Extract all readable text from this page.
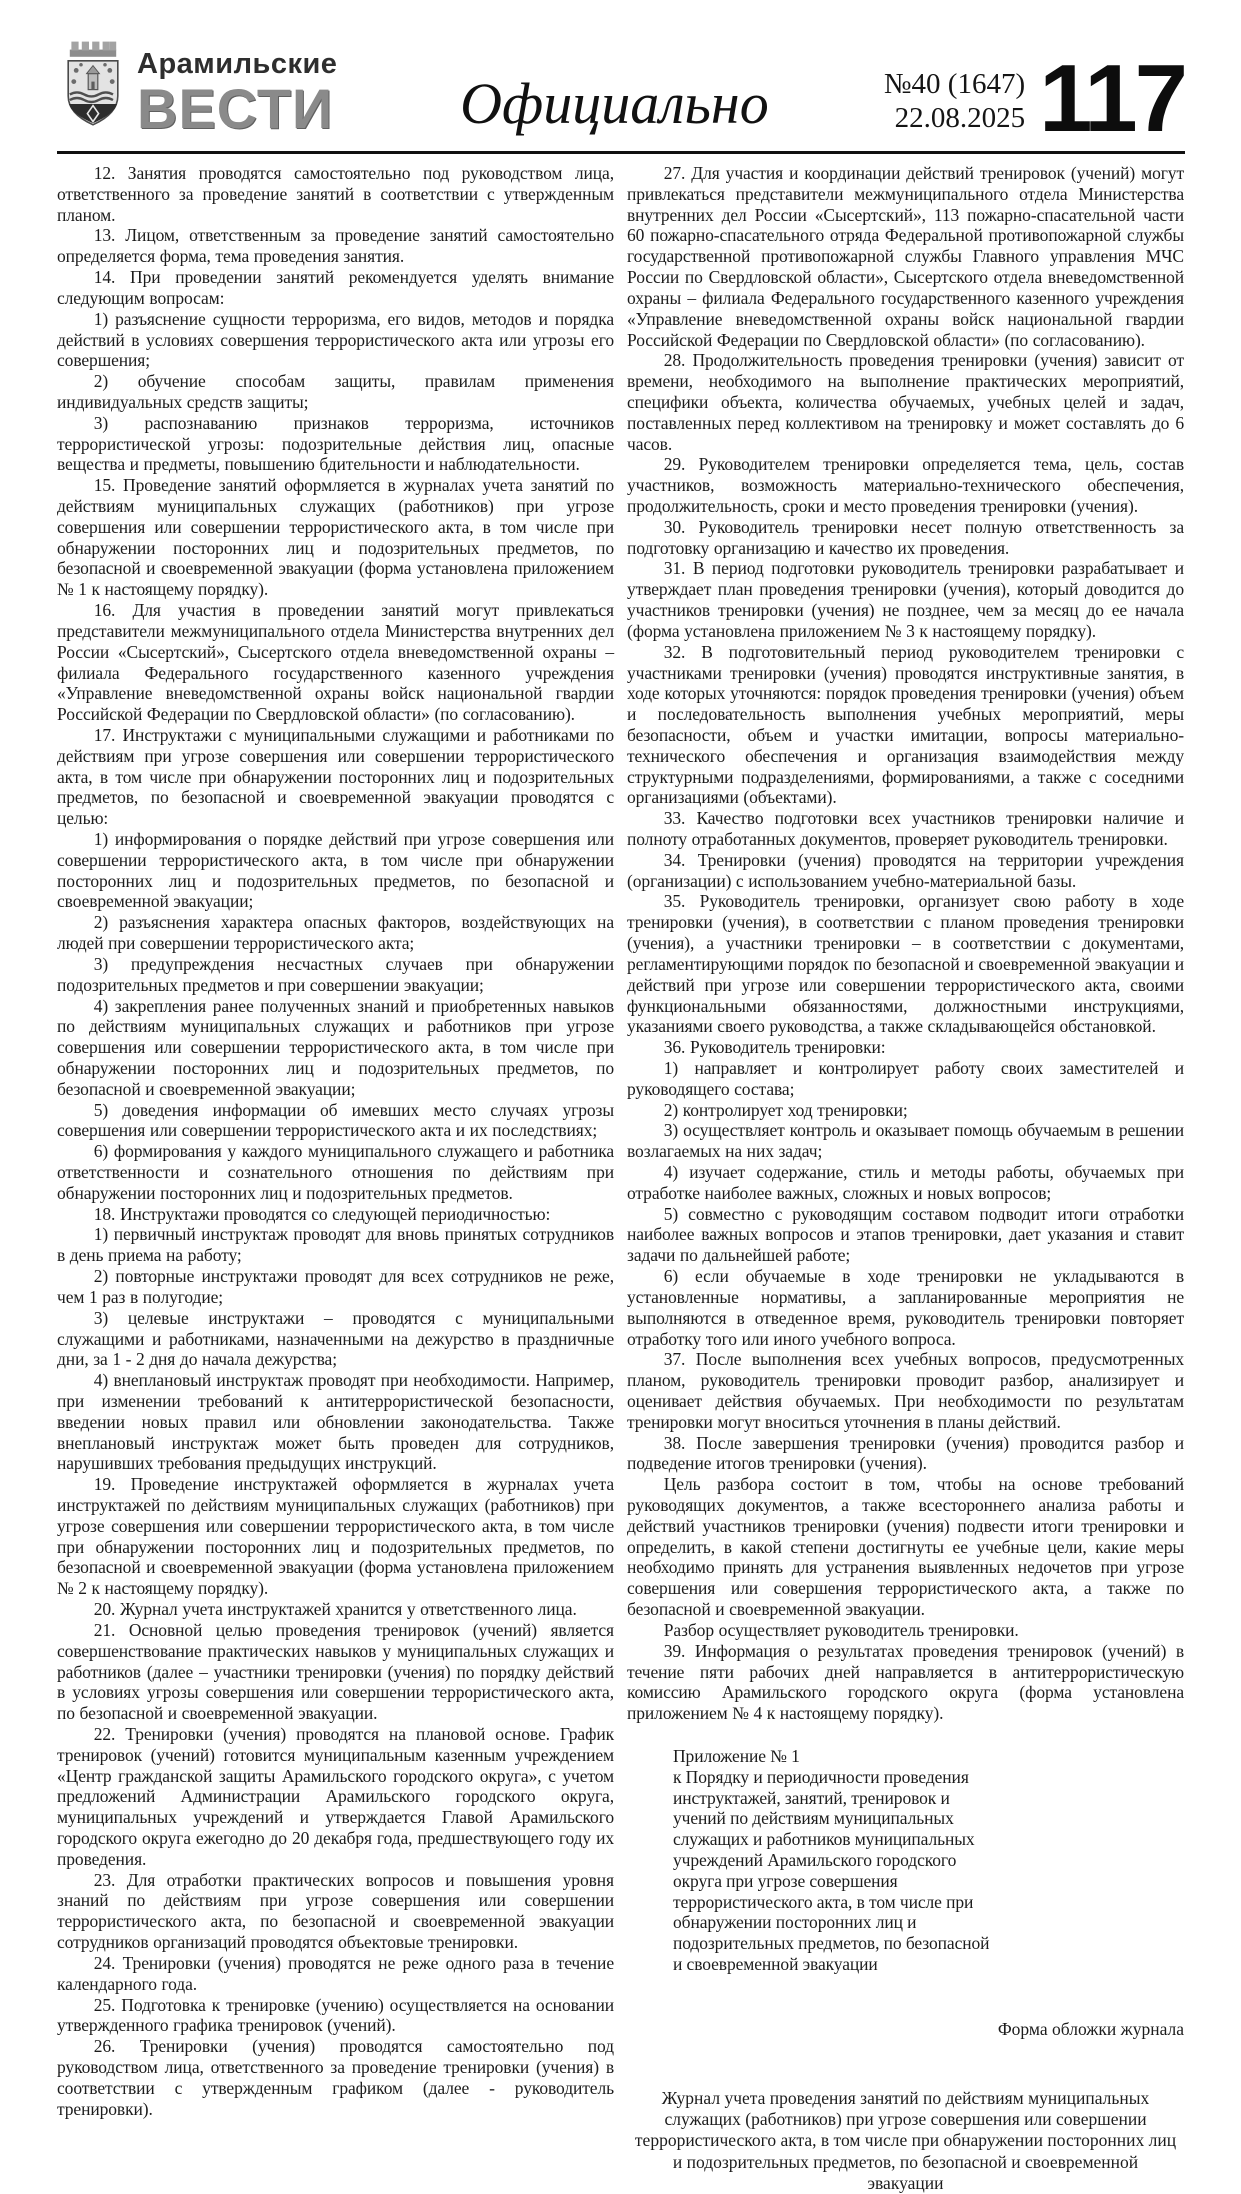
Арамильские
ВЕСТИ	Официально	№40 (1647)
22.08.2025 117

12. Занятия проводятся самостоятельно под руководством лица, ответственного за проведение занятий в соответствии с утвержденным планом.

13. Лицом, ответственным за проведение занятий самостоятельно определяется форма, тема проведения занятия.

14. При проведении занятий рекомендуется уделять внимание следующим вопросам:

1) разъяснение сущности терроризма, его видов, методов и порядка действий в условиях совершения террористического акта или угрозы его совершения;

2) обучение способам защиты, правилам применения индивидуальных средств защиты;

3) распознаванию признаков терроризма, источников террористической угрозы: подозрительные действия лиц, опасные вещества и предметы, повышению бдительности и наблюдательности.

15. Проведение занятий оформляется в журналах учета занятий по действиям муниципальных служащих (работников) при угрозе совершения или совершении террористического акта, в том числе при обнаружении посторонних лиц и подозрительных предметов, по безопасной и своевременной эвакуации (форма установлена приложением № 1 к настоящему порядку).

16. Для участия в проведении занятий могут привлекаться представители межмуниципального отдела Министерства внутренних дел России «Сысертский», Сысертского отдела вневедомственной охраны – филиала Федерального государственного казенного учреждения «Управление вневедомственной охраны войск национальной гвардии Российской Федерации по Свердловской области» (по согласованию).

17. Инструктажи с муниципальными служащими и работниками по действиям при угрозе совершения или совершении террористического акта, в том числе при обнаружении посторонних лиц и подозрительных предметов, по безопасной и своевременной эвакуации проводятся с целью:

1) информирования о порядке действий при угрозе совершения или совершении террористического акта, в том числе при обнаружении посторонних лиц и подозрительных предметов, по безопасной и своевременной эвакуации;

2) разъяснения характера опасных факторов, воздействующих на людей при совершении террористического акта;

3) предупреждения несчастных случаев при обнаружении подозрительных предметов и при совершении эвакуации;

4) закрепления ранее полученных знаний и приобретенных навыков по действиям муниципальных служащих и работников при угрозе совершения или совершении террористического акта, в том числе при обнаружении посторонних лиц и подозрительных предметов, по безопасной и своевременной эвакуации;

5) доведения информации об имевших место случаях угрозы совершения или совершении террористического акта и их последствиях;

6) формирования у каждого муниципального служащего и работника ответственности и сознательного отношения по действиям при обнаружении посторонних лиц и подозрительных предметов.

18. Инструктажи проводятся со следующей периодичностью:

1) первичный инструктаж проводят для вновь принятых сотрудников в день приема на работу;

2) повторные инструктажи проводят для всех сотрудников не реже, чем 1 раз в полугодие;

3) целевые инструктажи – проводятся с муниципальными служащими и работниками, назначенными на дежурство в праздничные дни, за 1 - 2 дня до начала дежурства;

4) внеплановый инструктаж проводят при необходимости. Например, при изменении требований к антитеррористической безопасности, введении новых правил или обновлении законодательства. Также внеплановый инструктаж может быть проведен для сотрудников, нарушивших требования предыдущих инструкций.

19. Проведение инструктажей оформляется в журналах учета инструктажей по действиям муниципальных служащих (работников) при угрозе совершения или совершении террористического акта, в том числе при обнаружении посторонних лиц и подозрительных предметов, по безопасной и своевременной эвакуации (форма установлена приложением № 2 к настоящему порядку).

20. Журнал учета инструктажей хранится у ответственного лица.

21. Основной целью проведения тренировок (учений) является совершенствование практических навыков у муниципальных служащих и работников (далее – участники тренировки (учения) по порядку действий в условиях угрозы совершения или совершении террористического акта, по безопасной и своевременной эвакуации.

22. Тренировки (учения) проводятся на плановой основе. График тренировок (учений) готовится муниципальным казенным учреждением «Центр гражданской защиты Арамильского городского округа», с учетом предложений Администрации Арамильского городского округа, муниципальных учреждений и утверждается Главой Арамильского городского округа ежегодно до 20 декабря года, предшествующего году их проведения.

23. Для отработки практических вопросов и повышения уровня знаний по действиям при угрозе совершения или совершении террористического акта, по безопасной и своевременной эвакуации сотрудников организаций проводятся объектовые тренировки.

24. Тренировки (учения) проводятся не реже одного раза в течение календарного года.

25. Подготовка к тренировке (учению) осуществляется на основании утвержденного графика тренировок (учений).

26. Тренировки (учения) проводятся самостоятельно под руководством лица, ответственного за проведение тренировки (учения) в соответствии с утвержденным графиком (далее - руководитель тренировки).

27. Для участия и координации действий тренировок (учений) могут привлекаться представители межмуниципального отдела Министерства внутренних дел России «Сысертский», 113 пожарно-спасательной части 60 пожарно-спасательного отряда Федеральной противопожарной службы государственной противопожарной службы Главного управления МЧС России по Свердловской области», Сысертского отдела вневедомственной охраны – филиала Федерального государственного казенного учреждения «Управление вневедомственной охраны войск национальной гвардии Российской Федерации по Свердловской области» (по согласованию).

28. Продолжительность проведения тренировки (учения) зависит от времени, необходимого на выполнение практических мероприятий, специфики объекта, количества обучаемых, учебных целей и задач, поставленных перед коллективом на тренировку и может составлять до 6 часов.

29. Руководителем тренировки определяется тема, цель, состав участников, возможность материально-технического обеспечения, продолжительность, сроки и место проведения тренировки (учения).

30. Руководитель тренировки несет полную ответственность за подготовку организацию и качество их проведения.

31. В период подготовки руководитель тренировки разрабатывает и утверждает план проведения тренировки (учения), который доводится до участников тренировки (учения) не позднее, чем за месяц до ее начала (форма установлена приложением № 3 к настоящему порядку).

32. В подготовительный период руководителем тренировки с участниками тренировки (учения) проводятся инструктивные занятия, в ходе которых уточняются: порядок проведения тренировки (учения) объем и последовательность выполнения учебных мероприятий, меры безопасности, объем и участки имитации, вопросы материально-технического обеспечения и организация взаимодействия между структурными подразделениями, формированиями, а также с соседними организациями (объектами).

33. Качество подготовки всех участников тренировки наличие и полноту отработанных документов, проверяет руководитель тренировки.

34. Тренировки (учения) проводятся на территории учреждения (организации) с использованием учебно-материальной базы.

35. Руководитель тренировки, организует свою работу в ходе тренировки (учения), в соответствии с планом проведения тренировки (учения), а участники тренировки – в соответствии с документами, регламентирующими порядок по безопасной и своевременной эвакуации и действий при угрозе или совершении террористического акта, своими функциональными обязанностями, должностными инструкциями, указаниями своего руководства, а также складывающейся обстановкой.

36. Руководитель тренировки:

1) направляет и контролирует работу своих заместителей и руководящего состава;

2) контролирует ход тренировки;

3) осуществляет контроль и оказывает помощь обучаемым в решении возлагаемых на них задач;

4) изучает содержание, стиль и методы работы, обучаемых при отработке наиболее важных, сложных и новых вопросов;

5) совместно с руководящим составом подводит итоги отработки наиболее важных вопросов и этапов тренировки, дает указания и ставит задачи по дальнейшей работе;

6) если обучаемые в ходе тренировки не укладываются в установленные нормативы, а запланированные мероприятия не выполняются в отведенное время, руководитель тренировки повторяет отработку того или иного учебного вопроса.

37. После выполнения всех учебных вопросов, предусмотренных планом, руководитель тренировки проводит разбор, анализирует и оценивает действия обучаемых. При необходимости по результатам тренировки могут вноситься уточнения в планы действий.

38. После завершения тренировки (учения) проводится разбор и подведение итогов тренировки (учения).

Цель разбора состоит в том, чтобы на основе требований руководящих документов, а также всестороннего анализа работы и действий участников тренировки (учения) подвести итоги тренировки и определить, в какой степени достигнуты ее учебные цели, какие меры необходимо принять для устранения выявленных недочетов при угрозе совершения или совершения террористического акта, а также по безопасной и своевременной эвакуации.

Разбор осуществляет руководитель тренировки.

39. Информация о результатах проведения тренировок (учений) в течение пяти рабочих дней направляется в антитеррористическую комиссию Арамильского городского округа (форма установлена приложением № 4 к настоящему порядку).

Приложение № 1
к Порядку и периодичности проведения
инструктажей, занятий, тренировок и
учений по действиям муниципальных
служащих и работников муниципальных
учреждений Арамильского городского
округа при угрозе совершения
террористического акта, в том числе при
обнаружении посторонних лиц и
подозрительных предметов, по безопасной
и своевременной эвакуации
Форма обложки журнала
Журнал учета проведения занятий по действиям муниципальных служащих (работников) при угрозе совершения или совершении террористического акта, в том числе при обнаружении посторонних лиц и подозрительных предметов, по безопасной и своевременной эвакуации
